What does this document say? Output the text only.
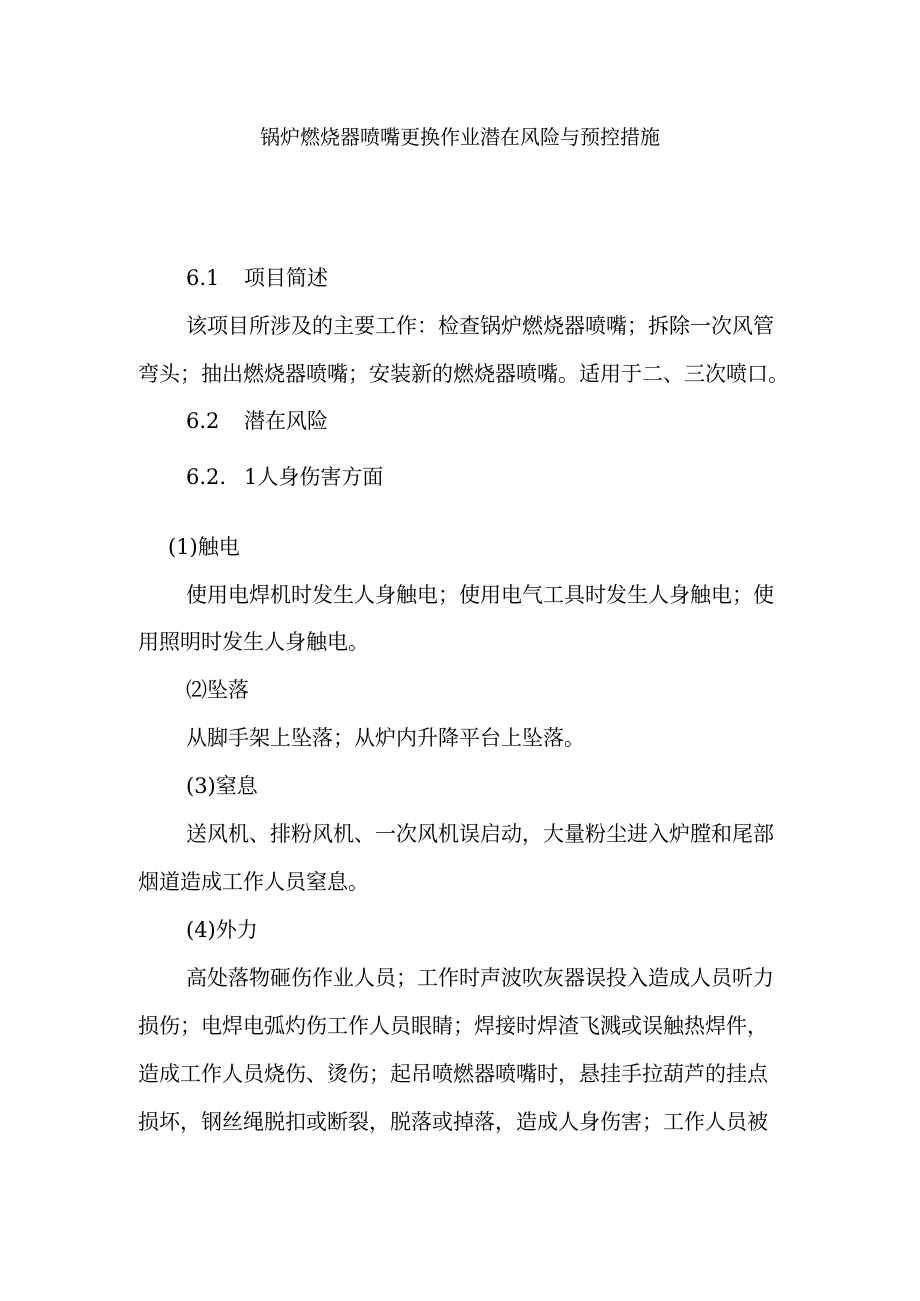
锅炉燃烧器喷嘴更换作业潜在风险与预控措施
6.1 项目简述
该项目所涉及的主要工作：检查锅炉燃烧器喷嘴；拆除一次风管
弯头；抽出燃烧器喷嘴；安装新的燃烧器喷嘴。适用于二、三次喷口。
6.2 潜在风险
6.2. 1人身伤害方面
(1)触电
使用电焊机时发生人身触电；使用电气工具时发生人身触电；使
用照明时发生人身触电。
⑵坠落
从脚手架上坠落；从炉内升降平台上坠落。
(3)窒息
送风机、排粉风机、一次风机误启动，大量粉尘进入炉膛和尾部
烟道造成工作人员窒息。
(4)外力
高处落物砸伤作业人员；工作时声波吹灰器误投入造成人员听力
损伤；电焊电弧灼伤工作人员眼睛；焊接时焊渣飞溅或误触热焊件，
造成工作人员烧伤、烫伤；起吊喷燃器喷嘴时，悬挂手拉葫芦的挂点
损坏，钢丝绳脱扣或断裂，脱落或掉落，造成人身伤害；工作人员被
